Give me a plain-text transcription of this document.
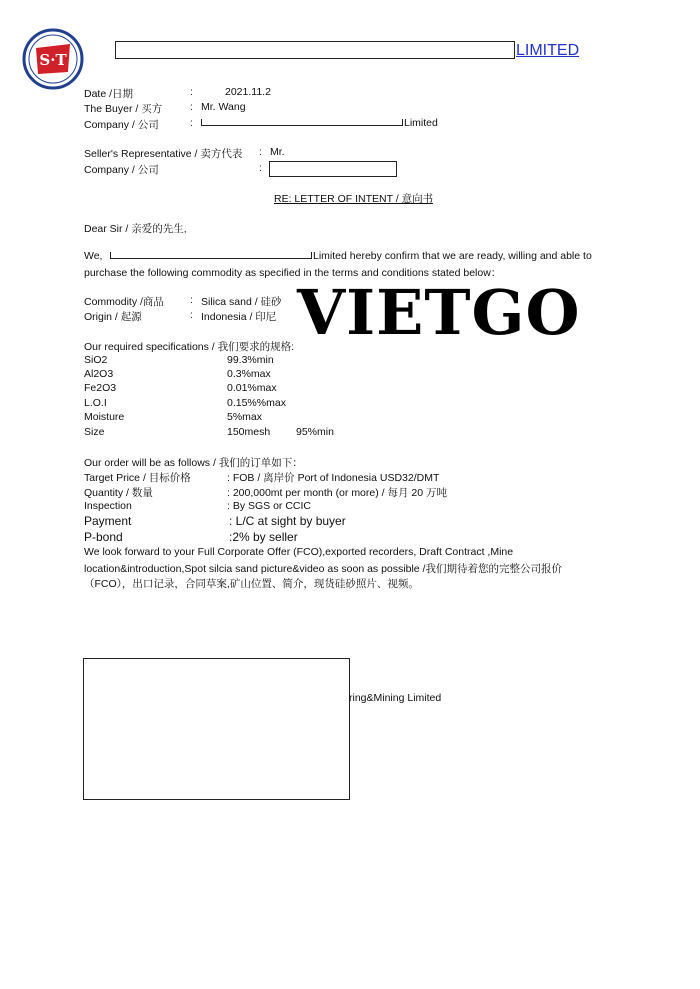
S·T
LIMITED
Date /日期	:	2021.11.2
The Buyer / 买方	: Mr. Wang
Company / 公司	:	Limited
Seller's Representative / 卖方代表 : Mr.
Company / 公司	:
RE: LETTER OF INTENT / 意向书
Dear Sir / 亲爱的先生,
We,	Limited hereby confirm that we are ready, willing and able to
purchase the following commodity as specified in the terms and conditions stated below：
Commodity /商品 : Silica sand / 硅砂
Origin / 起源	: Indonesia / 印尼 VIETGO
Our required specifications / 我们要求的规格:
SiO2	99.3%min
Al2O3	0.3%max
Fe2O3	0.01%max
L.O.I	0.15%%max
Moisture	5%max
Size	150mesh 95%min
Our order will be as follows / 我们的订单如下：
Target Price / 目标价格	: FOB / 离岸价 Port of Indonesia USD32/DMT
Quantity / 数量	: 200,000mt per month (or more) / 每月 20 万吨
Inspection	: By SGS or CCIC
Payment	: L/C at sight by buyer
P-bond	:2% by seller
We look forward to your Full Corporate Offer (FCO),exported recorders, Draft Contract ,Mine
location&introduction,Spot silcia sand picture&video as soon as possible /我们期待着您的完整公司报价
（FCO），出口记录，合同草案,矿山位置、简介，现货硅砂照片、视频。
ring&Mining Limited
